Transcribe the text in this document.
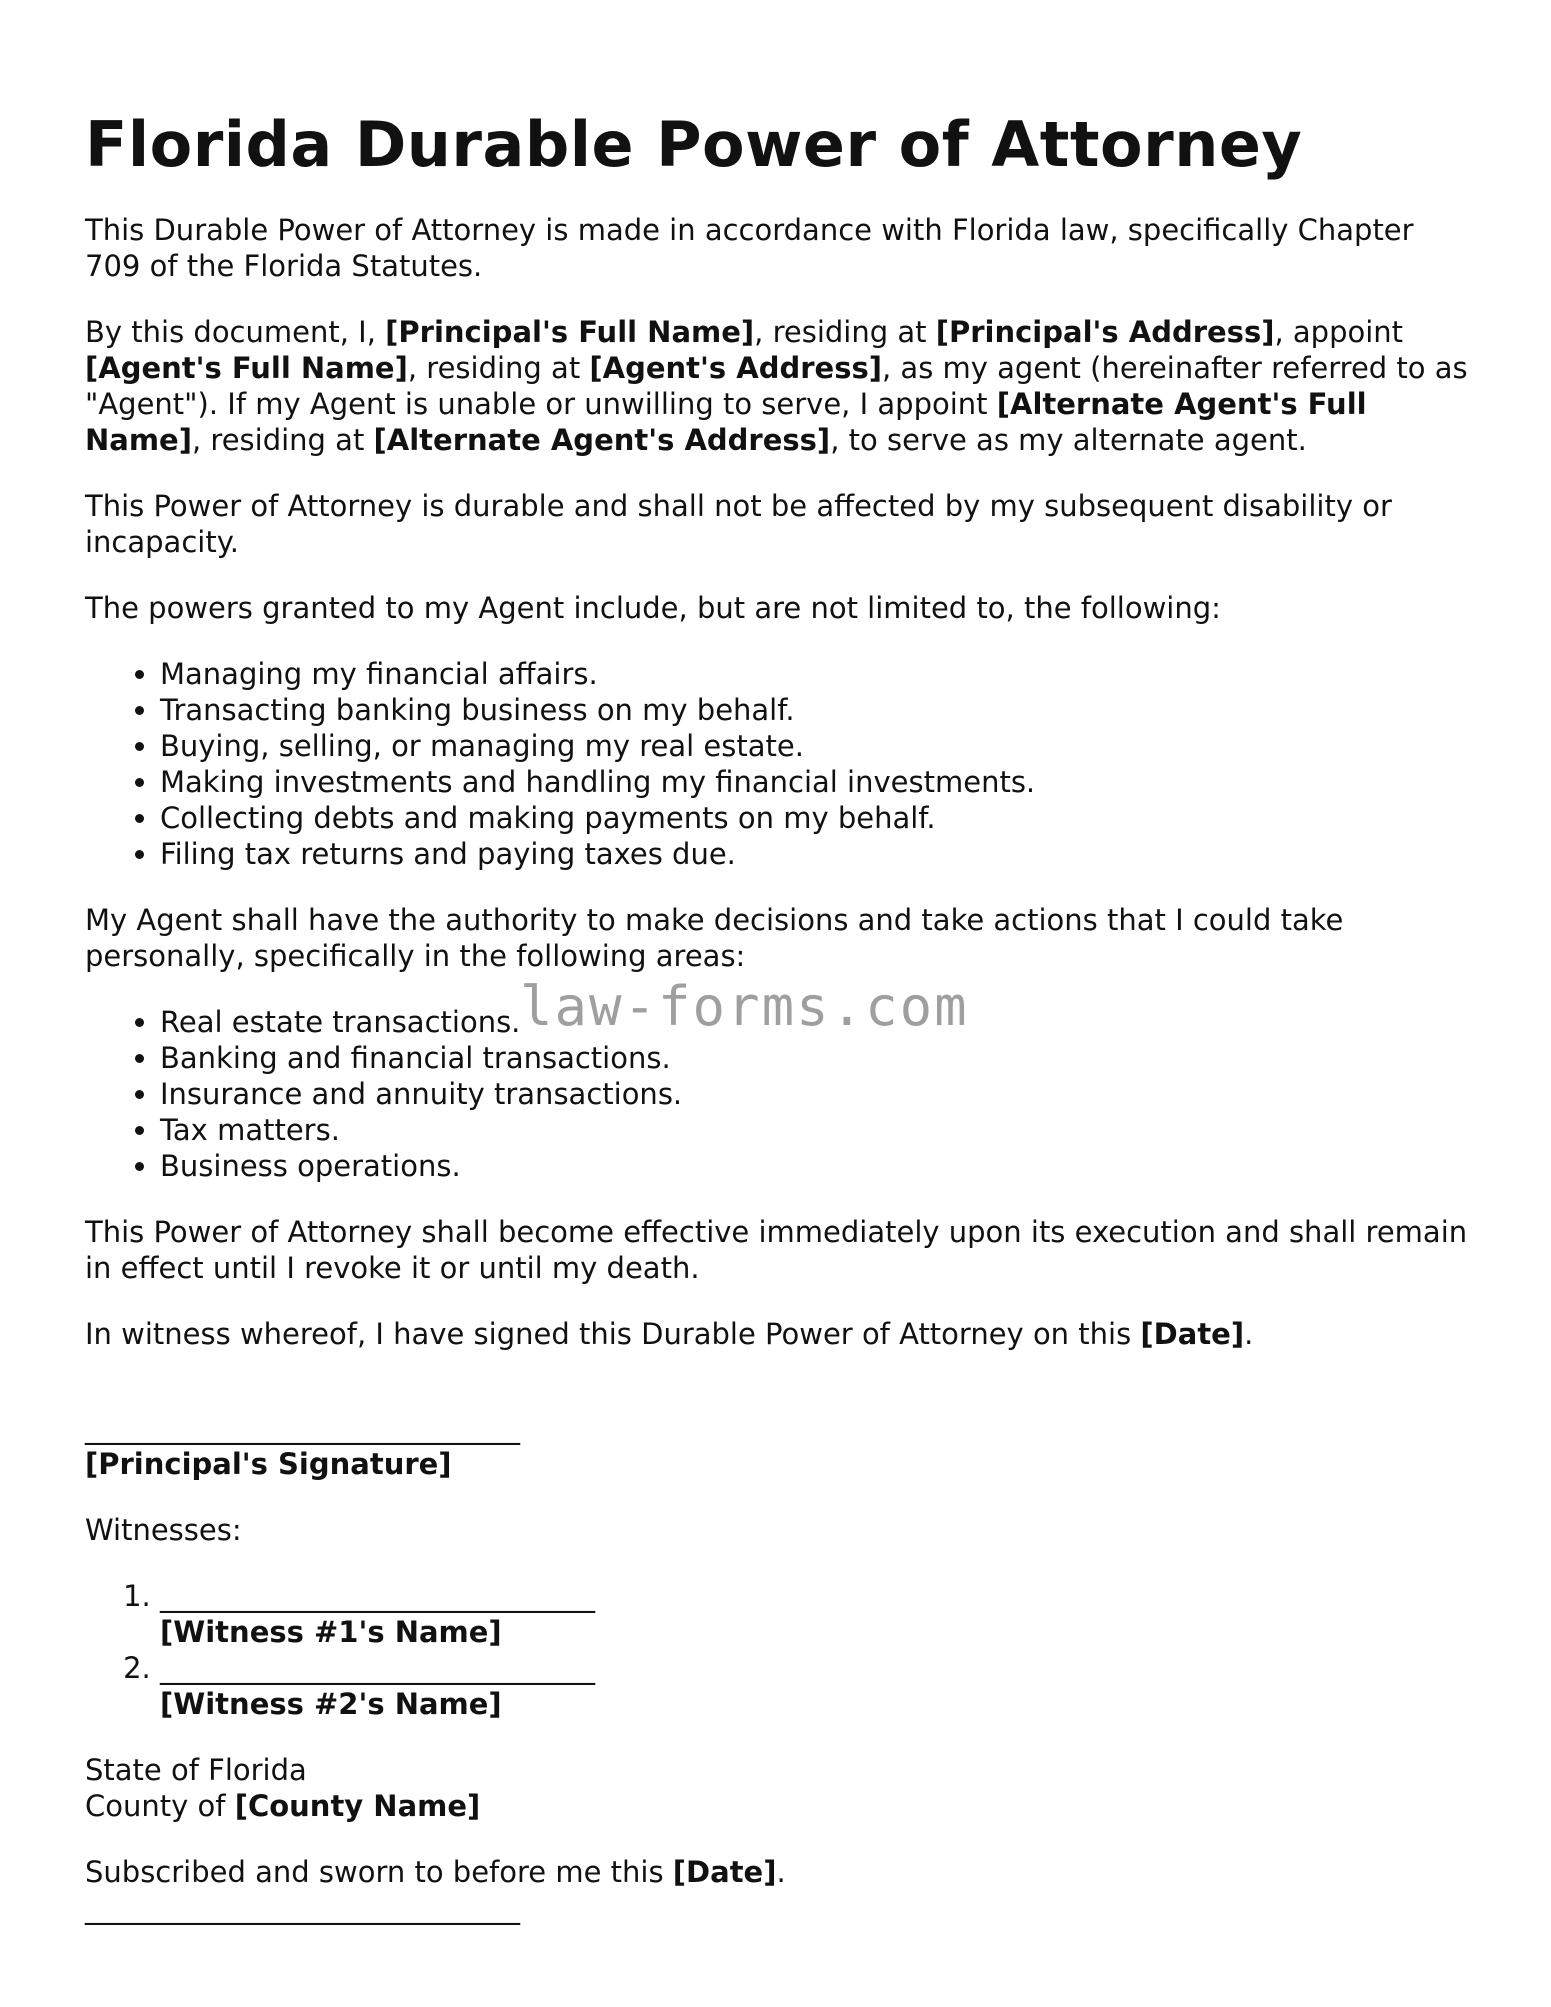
Florida Durable Power of Attorney

This Durable Power of Attorney is made in accordance with Florida law, specifically Chapter 709 of the Florida Statutes.

By this document, I, [Principal's Full Name], residing at [Principal's Address], appoint [Agent's Full Name], residing at [Agent's Address], as my agent (hereinafter referred to as "Agent"). If my Agent is unable or unwilling to serve, I appoint [Alternate Agent's Full Name], residing at [Alternate Agent's Address], to serve as my alternate agent.

This Power of Attorney is durable and shall not be affected by my subsequent disability or incapacity.

The powers granted to my Agent include, but are not limited to, the following:

• Managing my financial affairs.
• Transacting banking business on my behalf.
• Buying, selling, or managing my real estate.
• Making investments and handling my financial investments.
• Collecting debts and making payments on my behalf.
• Filing tax returns and paying taxes due.

My Agent shall have the authority to make decisions and take actions that I could take personally, specifically in the following areas:

• Real estate transactions.
• Banking and financial transactions.
• Insurance and annuity transactions.
• Tax matters.
• Business operations.

This Power of Attorney shall become effective immediately upon its execution and shall remain in effect until I revoke it or until my death.

In witness whereof, I have signed this Durable Power of Attorney on this [Date].

______________________________
[Principal's Signature]

Witnesses:

1. ______________________________
[Witness #1's Name]
2. ______________________________
[Witness #2's Name]

State of Florida
County of [County Name]

Subscribed and sworn to before me this [Date].
______________________________

law-forms.com
